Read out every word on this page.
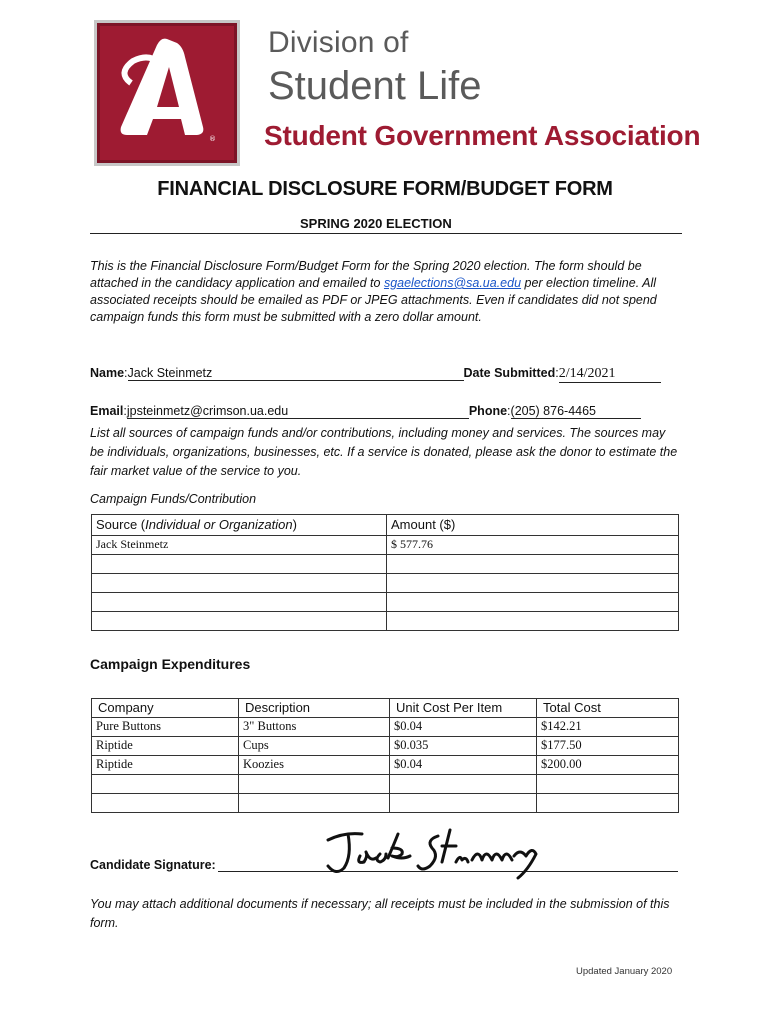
®
Division of
Student Life
Student Government Association
FINANCIAL DISCLOSURE FORM/BUDGET FORM
SPRING 2020 ELECTION
This is the Financial Disclosure Form/Budget Form for the Spring 2020 election. The form should be attached in the candidacy application and emailed to sgaelections@sa.ua.edu per election timeline. All associated receipts should be emailed as PDF or JPEG attachments. Even if candidates did not spend campaign funds this form must be submitted with a zero dollar amount.
Name:Jack Steinmetz	Date Submitted:2/14/2021
Email:jpsteinmetz@crimson.ua.edu	Phone:(205) 876-4465
List all sources of campaign funds and/or contributions, including money and services. The sources may be individuals, organizations, businesses, etc. If a service is donated, please ask the donor to estimate the fair market value of the service to you.
Campaign Funds/Contribution
Source (Individual or Organization)	Amount ($)
Jack Steinmetz	$ 577.76

Campaign Expenditures
Company	Description	Unit Cost Per Item	Total Cost
Pure Buttons	3" Buttons	$0.04	$142.21
Riptide	Cups	$0.035	$177.50
Riptide	Koozies	$0.04	$200.00

Candidate Signature:
You may attach additional documents if necessary; all receipts must be included in the submission of this form.
Updated January 2020
